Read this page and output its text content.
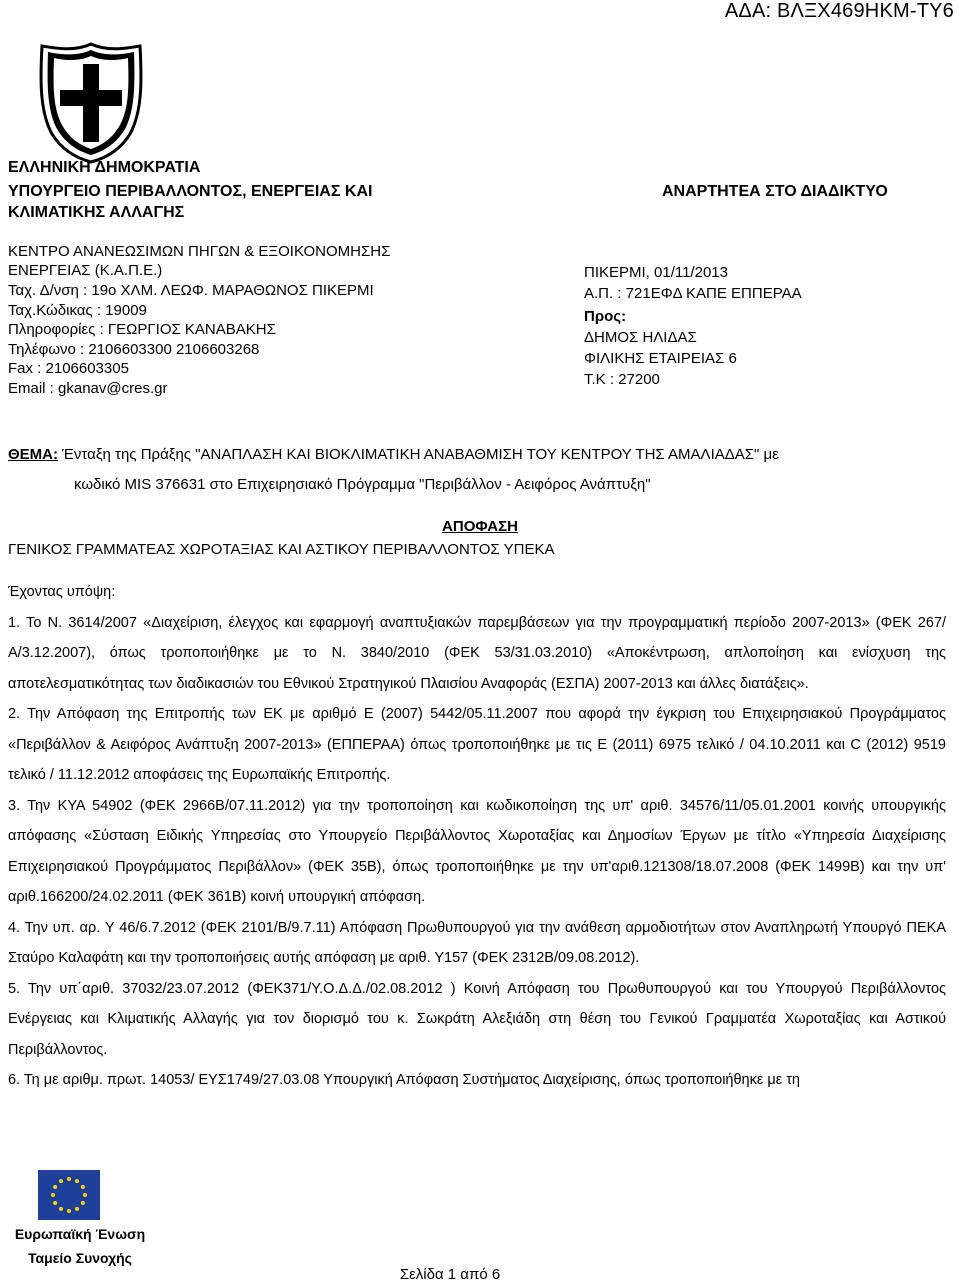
ΑΔΑ: ΒΛΞΧ469ΗΚΜ-ΤΥ6
ΕΛΛΗΝΙΚΗ ΔΗΜΟΚΡΑΤΙΑ
ΥΠΟΥΡΓΕΙΟ ΠΕΡΙΒΑΛΛΟΝΤΟΣ, ΕΝΕΡΓΕΙΑΣ ΚΑΙ
ΚΛΙΜΑΤΙΚΗΣ ΑΛΛΑΓΗΣ
ΑΝΑΡΤΗΤΕΑ ΣΤΟ ΔΙΑΔΙΚΤΥΟ
ΚΕΝΤΡΟ ΑΝΑΝΕΩΣΙΜΩΝ ΠΗΓΩΝ & ΕΞΟΙΚΟΝΟΜΗΣΗΣ
ΕΝΕΡΓΕΙΑΣ (Κ.Α.Π.Ε.)
Ταχ. Δ/νση : 19ο ΧΛΜ. ΛΕΩΦ. ΜΑΡΑΘΩΝΟΣ ΠΙΚΕΡΜΙ
Ταχ.Κώδικας : 19009
Πληροφορίες : ΓΕΩΡΓΙΟΣ ΚΑΝΑΒΑΚΗΣ
Τηλέφωνο : 2106603300 2106603268
Fax : 2106603305
Email : gkanav@cres.gr
ΠΙΚΕΡΜΙ, 01/11/2013
Α.Π. : 721ΕΦΔ ΚΑΠΕ ΕΠΠΕΡΑΑ
Προς:
ΔΗΜΟΣ ΗΛΙΔΑΣ
ΦΙΛΙΚΗΣ ΕΤΑΙΡΕΙΑΣ 6
Τ.Κ : 27200
ΘΕΜΑ: Ένταξη της Πράξης "ΑΝΑΠΛΑΣΗ ΚΑΙ ΒΙΟΚΛΙΜΑΤΙΚΗ ΑΝΑΒΑΘΜΙΣΗ ΤΟΥ ΚΕΝΤΡΟΥ ΤΗΣ ΑΜΑΛΙΑΔΑΣ" με
κωδικό MIS 376631 στο Επιχειρησιακό Πρόγραμμα "Περιβάλλον - Αειφόρος Ανάπτυξη"
ΑΠΟΦΑΣΗ
ΓΕΝΙΚΟΣ ΓΡΑΜΜΑΤΕΑΣ ΧΩΡΟΤΑΞΙΑΣ ΚΑΙ ΑΣΤΙΚΟΥ ΠΕΡΙΒΑΛΛΟΝΤΟΣ ΥΠΕΚΑ

Έχοντας υπόψη:

1. Το Ν. 3614/2007 «Διαχείριση, έλεγχος και εφαρμογή αναπτυξιακών παρεμβάσεων για την προγραμματική περίοδο 2007-2013» (ΦΕΚ 267/Α/3.12.2007), όπως τροποποιήθηκε με το Ν. 3840/2010 (ΦΕΚ 53/31.03.2010) «Αποκέντρωση, απλοποίηση και ενίσχυση της αποτελεσματικότητας των διαδικασιών του Εθνικού Στρατηγικού Πλαισίου Αναφοράς (ΕΣΠΑ) 2007-2013 και άλλες διατάξεις».

2. Την Απόφαση της Επιτροπής των ΕΚ με αριθμό Ε (2007) 5442/05.11.2007 που αφορά την έγκριση του Επιχειρησιακού Προγράμματος «Περιβάλλον & Αειφόρος Ανάπτυξη 2007-2013» (ΕΠΠΕΡΑΑ) όπως τροποποιήθηκε με τις Ε (2011) 6975 τελικό / 04.10.2011 και C (2012) 9519 τελικό / 11.12.2012 αποφάσεις της Ευρωπαϊκής Επιτροπής.

3. Την ΚΥΑ 54902 (ΦΕΚ 2966Β/07.11.2012) για την τροποποίηση και κωδικοποίηση της υπ' αριθ. 34576/11/05.01.2001 κοινής υπουργικής απόφασης «Σύσταση Ειδικής Υπηρεσίας στο Υπουργείο Περιβάλλοντος Χωροταξίας και Δημοσίων Έργων με τίτλο «Υπηρεσία Διαχείρισης Επιχειρησιακού Προγράμματος Περιβάλλον» (ΦΕΚ 35Β), όπως τροποποιήθηκε με την υπ'αριθ.121308/18.07.2008 (ΦΕΚ 1499Β) και την υπ' αριθ.166200/24.02.2011 (ΦΕΚ 361Β) κοινή υπουργική απόφαση.

4. Την υπ. αρ. Υ 46/6.7.2012 (ΦΕΚ 2101/Β/9.7.11) Απόφαση Πρωθυπουργού για την ανάθεση αρμοδιοτήτων στον Αναπληρωτή Υπουργό ΠΕΚΑ Σταύρο Καλαφάτη και την τροποποιήσεις αυτής απόφαση με αριθ. Υ157 (ΦΕΚ 2312Β/09.08.2012).

5. Την υπ΄αριθ. 37032/23.07.2012 (ΦΕΚ371/Υ.Ο.Δ.Δ./02.08.2012 ) Κοινή Απόφαση του Πρωθυπουργού και του Υπουργού Περιβάλλοντος Ενέργειας και Κλιματικής Αλλαγής για τον διορισμό του κ. Σωκράτη Αλεξιάδη στη θέση του Γενικού Γραμματέα Χωροταξίας και Αστικού Περιβάλλοντος.

6. Τη με αριθμ. πρωτ. 14053/ ΕΥΣ1749/27.03.08 Υπουργική Απόφαση Συστήματος Διαχείρισης, όπως τροποποιήθηκε με τη

Ευρωπαϊκή Ένωση
Ταμείο Συνοχής
Σελίδα 1 από 6
